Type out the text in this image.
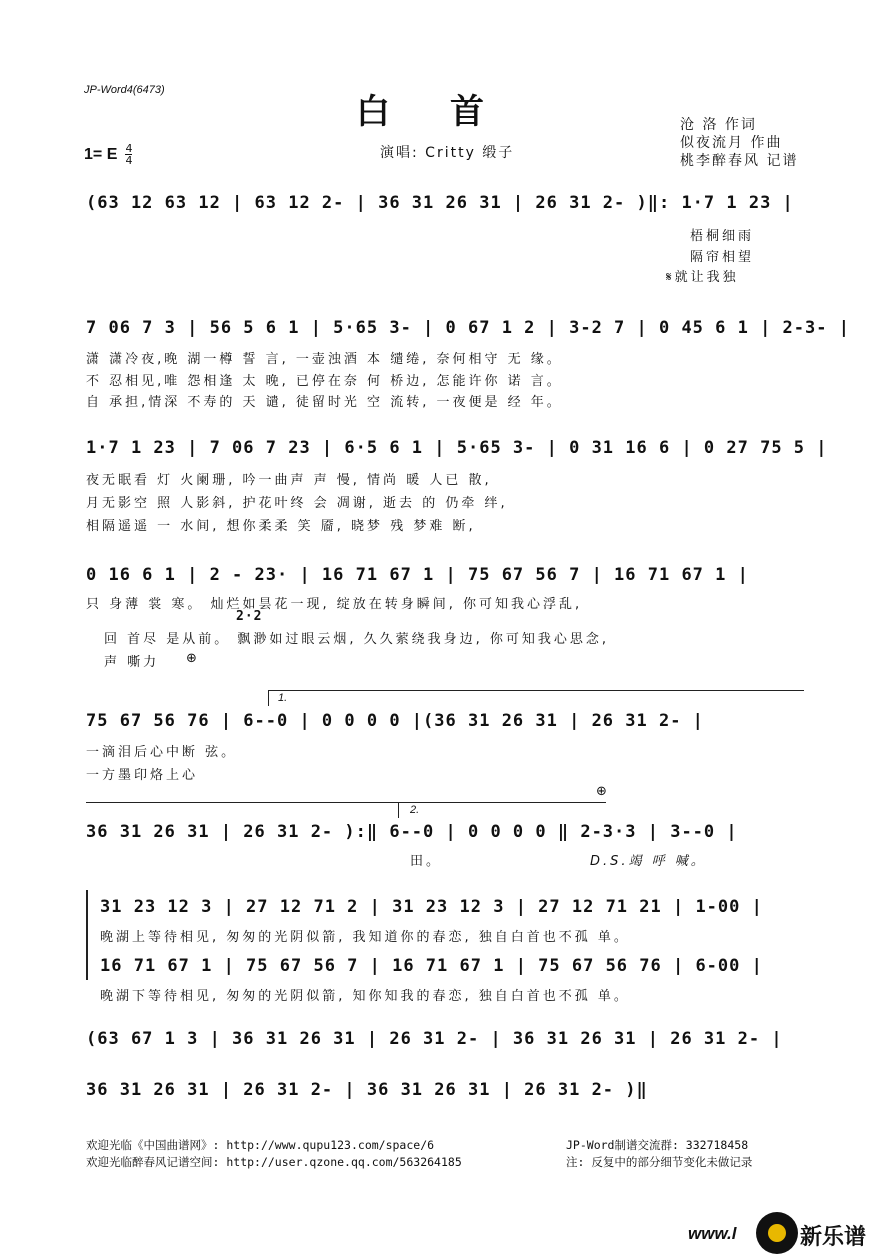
JP-Word4(6473)
白首
1= E $\frac{4}{4}$	演唱: Critty 缎子
沧 洛 作词
似夜流月 作曲
桃李醉春风 记谱
(63 12 63 12 | 63 12 2- | 36 31 26 31 | 26 31 2- )‖: 1·7 1 23 |
梧桐细雨
隔帘相望
𝄋就让我独
7 06 7 3 | 56 5 6 1 | 5·65 3- | 0 67 1 2 | 3-2 7 | 0 45 6 1 | 2-3- |
潇 潇冷夜,晚 湖一樽 誓 言, 一壶浊酒 本 缱绻, 奈何相守 无 缘。
不 忍相见,唯 怨相逢 太 晚, 已停在奈 何 桥边, 怎能许你 诺 言。
自 承担,情深 不寿的 天 谴, 徒留时光 空 流转, 一夜便是 经 年。
1·7 1 23 | 7 06 7 23 | 6·5 6 1 | 5·65 3- | 0 31 16 6 | 0 27 75 5 |
夜无眠看 灯 火阑珊, 吟一曲声 声 慢, 情尚 暖 人已 散,
月无影空 照 人影斜, 护花叶终 会 凋谢, 逝去 的 仍牵 绊,
相隔遥遥 一 水间, 想你柔柔 笑 靥, 晓梦 残 梦难 断,
0 16 6 1 | 2 - 23· | 16 71 67 1 | 75 67 56 7 | 16 71 67 1 |
只 身薄 裳 寒。 灿烂如昙花一现, 绽放在转身瞬间, 你可知我心浮乱,
2·2
回 首尽 是从前。 飘渺如过眼云烟, 久久萦绕我身边, 你可知我心思念,
声 嘶力 ⊕
1.
75 67 56 76 | 6--0 | 0 0 0 0 |(36 31 26 31 | 26 31 2- |
一滴泪后心中断 弦。
一方墨印烙上心
2.
⊕
36 31 26 31 | 26 31 2- ):‖ 6--0 | 0 0 0 0 ‖ 2-3·3 | 3--0 |
田。	D.S.竭 呼 喊。
31 23 12 3 | 27 12 71 2 | 31 23 12 3 | 27 12 71 21 | 1-00 |
晚湖上等待相见, 匆匆的光阴似箭, 我知道你的春恋, 独自白首也不孤 单。
16 71 67 1 | 75 67 56 7 | 16 71 67 1 | 75 67 56 76 | 6-00 |
晚湖下等待相见, 匆匆的光阴似箭, 知你知我的春恋, 独自白首也不孤 单。
(63 67 1 3 | 36 31 26 31 | 26 31 2- | 36 31 26 31 | 26 31 2- |
36 31 26 31 | 26 31 2- | 36 31 26 31 | 26 31 2- )‖
欢迎光临《中国曲谱网》: http://www.qupu123.com/space/6
欢迎光临醉春风记谱空间: http://user.qzone.qq.com/563264185
JP-Word制谱交流群: 332718458
注: 反复中的部分细节变化未做记录
www.l	新乐谱
